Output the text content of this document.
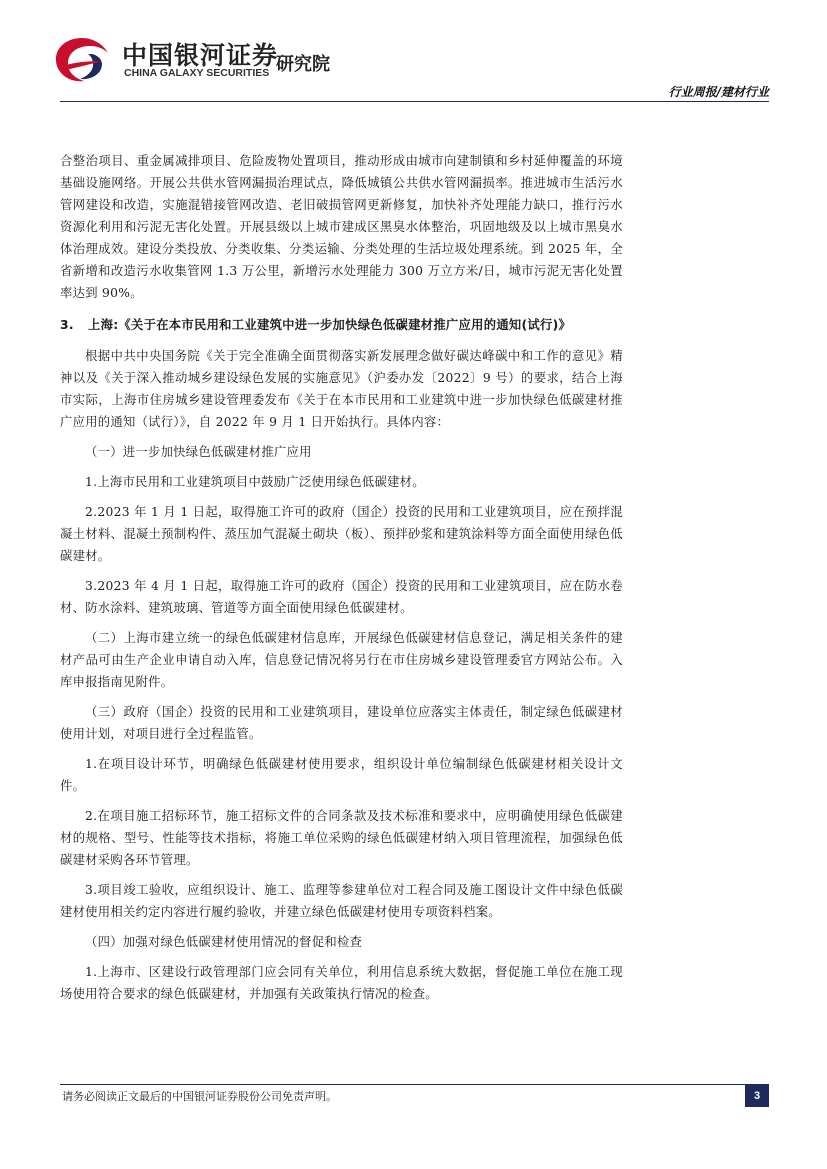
中国银河证券
CHINA GALAXY SECURITIES 研究院
行业周报/建材行业

合整治项目、重金属减排项目、危险废物处置项目，推动形成由城市向建制镇和乡村延伸覆盖的环境基础设施网络。开展公共供水管网漏损治理试点，降低城镇公共供水管网漏损率。推进城市生活污水管网建设和改造，实施混错接管网改造、老旧破损管网更新修复，加快补齐处理能力缺口，推行污水资源化利用和污泥无害化处置。开展县级以上城市建成区黑臭水体整治，巩固地级及以上城市黑臭水体治理成效。建设分类投放、分类收集、分类运输、分类处理的生活垃圾处理系统。到 2025 年，全省新增和改造污水收集管网 1.3 万公里，新增污水处理能力 300 万立方米/日，城市污泥无害化处置率达到 90%。

3. 上海:《关于在本市民用和工业建筑中进一步加快绿色低碳建材推广应用的通知(试行)》

根据中共中央国务院《关于完全准确全面贯彻落实新发展理念做好碳达峰碳中和工作的意见》精神以及《关于深入推动城乡建设绿色发展的实施意见》（沪委办发〔2022〕9 号）的要求，结合上海市实际，上海市住房城乡建设管理委发布《关于在本市民用和工业建筑中进一步加快绿色低碳建材推广应用的通知（试行）》，自 2022 年 9 月 1 日开始执行。具体内容：

（一）进一步加快绿色低碳建材推广应用

1.上海市民用和工业建筑项目中鼓励广泛使用绿色低碳建材。

2.2023 年 1 月 1 日起，取得施工许可的政府（国企）投资的民用和工业建筑项目，应在预拌混凝土材料、混凝土预制构件、蒸压加气混凝土砌块（板）、预拌砂浆和建筑涂料等方面全面使用绿色低碳建材。

3.2023 年 4 月 1 日起，取得施工许可的政府（国企）投资的民用和工业建筑项目，应在防水卷材、防水涂料、建筑玻璃、管道等方面全面使用绿色低碳建材。

（二）上海市建立统一的绿色低碳建材信息库，开展绿色低碳建材信息登记，满足相关条件的建材产品可由生产企业申请自动入库，信息登记情况将另行在市住房城乡建设管理委官方网站公布。入库申报指南见附件。

（三）政府（国企）投资的民用和工业建筑项目，建设单位应落实主体责任，制定绿色低碳建材使用计划，对项目进行全过程监管。

1.在项目设计环节，明确绿色低碳建材使用要求，组织设计单位编制绿色低碳建材相关设计文件。

2.在项目施工招标环节，施工招标文件的合同条款及技术标准和要求中，应明确使用绿色低碳建材的规格、型号、性能等技术指标，将施工单位采购的绿色低碳建材纳入项目管理流程，加强绿色低碳建材采购各环节管理。

3.项目竣工验收，应组织设计、施工、监理等参建单位对工程合同及施工图设计文件中绿色低碳建材使用相关约定内容进行履约验收，并建立绿色低碳建材使用专项资料档案。

（四）加强对绿色低碳建材使用情况的督促和检查

1.上海市、区建设行政管理部门应会同有关单位，利用信息系统大数据，督促施工单位在施工现场使用符合要求的绿色低碳建材，并加强有关政策执行情况的检查。

请务必阅读正文最后的中国银河证券股份公司免责声明。	3
